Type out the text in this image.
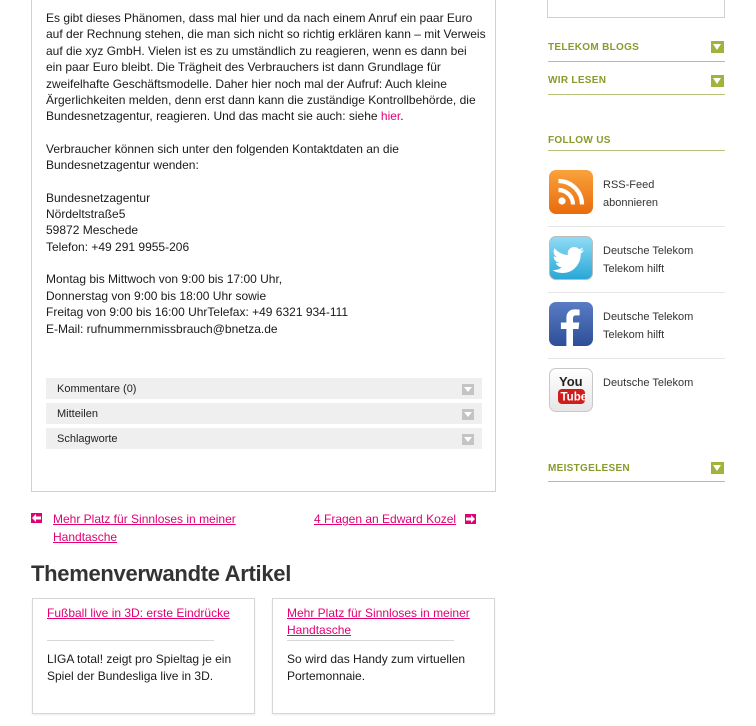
Es gibt dieses Phänomen, dass mal hier und da nach einem Anruf ein paar Euro auf der Rechnung stehen, die man sich nicht so richtig erklären kann – mit Verweis auf die xyz GmbH. Vielen ist es zu umständlich zu reagieren, wenn es dann bei ein paar Euro bleibt. Die Trägheit des Verbrauchers ist dann Grundlage für zweifelhafte Geschäftsmodelle. Daher hier noch mal der Aufruf: Auch kleine Ärgerlichkeiten melden, denn erst dann kann die zuständige Kontrollbehörde, die Bundesnetzagentur, reagieren. Und das macht sie auch: siehe hier.

Verbraucher können sich unter den folgenden Kontaktdaten an die Bundesnetzagentur wenden:

Bundesnetzagentur
Nördeltstraße5
59872 Meschede
Telefon: +49 291 9955-206

Montag bis Mittwoch von 9:00 bis 17:00 Uhr,
Donnerstag von 9:00 bis 18:00 Uhr sowie
Freitag von 9:00 bis 16:00 UhrTelefax: +49 6321 934-111
E-Mail: rufnummernmissbrauch@bnetza.de

Kommentare (0)
Mitteilen
Schlagworte
Mehr Platz für Sinnloses in meiner Handtasche
4 Fragen an Edward Kozel
Themenverwandte Artikel
Fußball live in 3D: erste Eindrücke
LIGA total! zeigt pro Spieltag je ein Spiel der Bundesliga live in 3D.
Mehr Platz für Sinnloses in meiner Handtasche
So wird das Handy zum virtuellen Portemonnaie.
TELEKOM BLOGS
WIR LESEN
FOLLOW US
RSS-Feed
abonnieren
Deutsche Telekom
Telekom hilft
Deutsche Telekom
Telekom hilft
You
Tube
Deutsche Telekom
MEISTGELESEN
